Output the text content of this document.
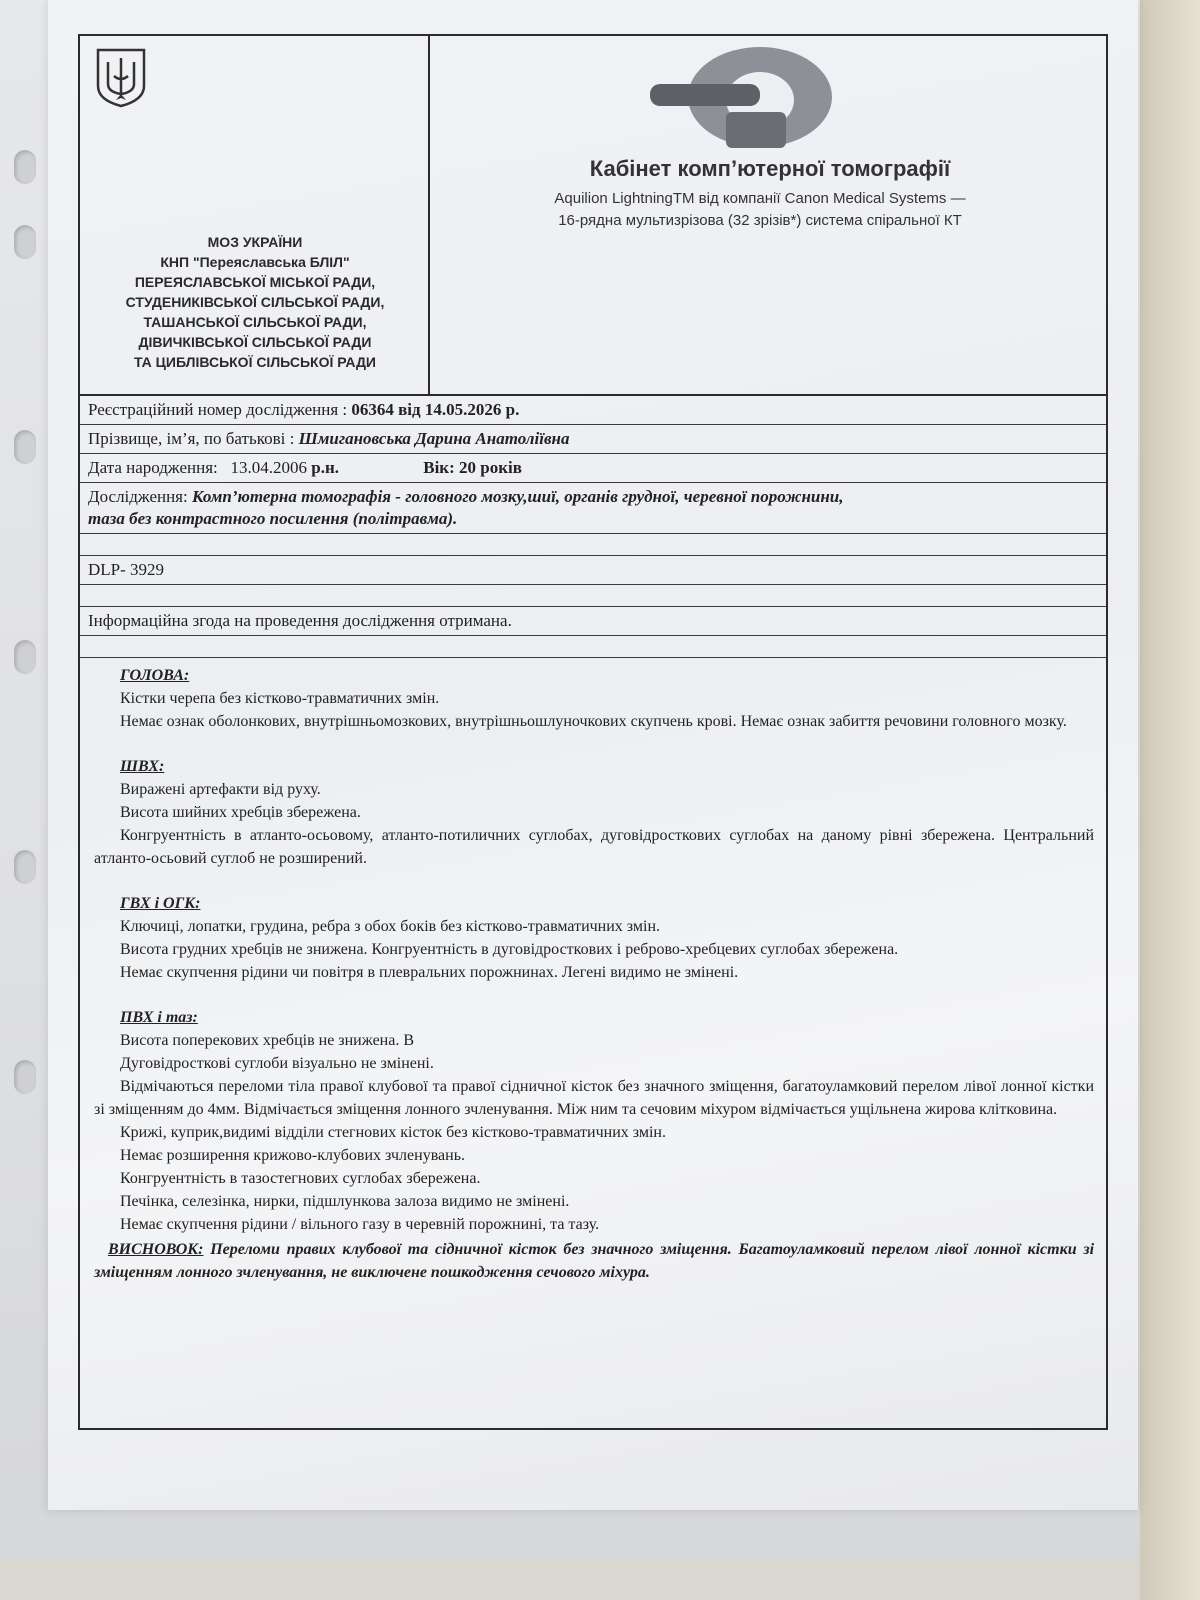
МОЗ УКРАЇНИ
КНП "Переяславська БЛІЛ"
ПЕРЕЯСЛАВСЬКОЇ МІСЬКОЇ РАДИ,
СТУДЕНИКІВСЬКОЇ СІЛЬСЬКОЇ РАДИ,
ТАШАНСЬКОЇ СІЛЬСЬКОЇ РАДИ,
ДІВИЧКІВСЬКОЇ СІЛЬСЬКОЇ РАДИ
ТА ЦИБЛІВСЬКОЇ СІЛЬСЬКОЇ РАДИ
Кабінет комп’ютерної томографії
Aquilion LightningTM від компанії Canon Medical Systems —
16-рядна мультизрізова (32 зрізів*) система спіральної КТ
Реєстраційний номер дослідження : 06364 від 14.05.2026 р.
Прізвище, ім’я, по батькові : Шмигановська Дарина Анатоліївна
Дата народження: 13.04.2006 р.н.	Вік: 20 років
Дослідження: Комп’ютерна томографія - головного мозку,шиї, органів грудної, черевної порожнини,
таза без контрастного посилення (політравма).
DLP- 3929
Інформаційна згода на проведення дослідження отримана.
ГОЛОВА:
Кістки черепа без кістково-травматичних змін.
Немає ознак оболонкових, внутрішньомозкових, внутрішньошлуночкових скупчень крові. Немає ознак забиття речовини головного мозку.
ШВХ:
Виражені артефакти від руху.
Висота шийних хребців збережена.
Конгруентність в атланто-осьовому, атланто-потиличних суглобах, дуговідросткових суглобах на даному рівні збережена. Центральний атланто-осьовий суглоб не розширений.
ГВХ і ОГК:
Ключиці, лопатки, грудина, ребра з обох боків без кістково-травматичних змін.
Висота грудних хребців не знижена. Конгруентність в дуговідросткових і реброво-хребцевих суглобах збережена.
Немає скупчення рідини чи повітря в плевральних порожнинах. Легені видимо не змінені.
ПВХ і таз:
Висота поперекових хребців не знижена. В
Дуговідросткові суглоби візуально не змінені.
Відмічаються переломи тіла правої клубової та правої сідничної кісток без значного зміщення, багатоуламковий перелом лівої лонної кістки зі зміщенням до 4мм. Відмічається зміщення лонного зчленування. Між ним та сечовим міхуром відмічається ущільнена жирова клітковина.
Крижі, куприк,видимі відділи стегнових кісток без кістково-травматичних змін.
Немає розширення крижово-клубових зчленувань.
Конгруентність в тазостегнових суглобах збережена.
Печінка, селезінка, нирки, підшлункова залоза видимо не змінені.
Немає скупчення рідини / вільного газу в черевній порожнині, та тазу.
ВИСНОВОК: Переломи правих клубової та сідничної кісток без значного зміщення. Багатоуламковий перелом лівої лонної кістки зі зміщенням лонного зчленування, не виключене пошкодження сечового міхура.
